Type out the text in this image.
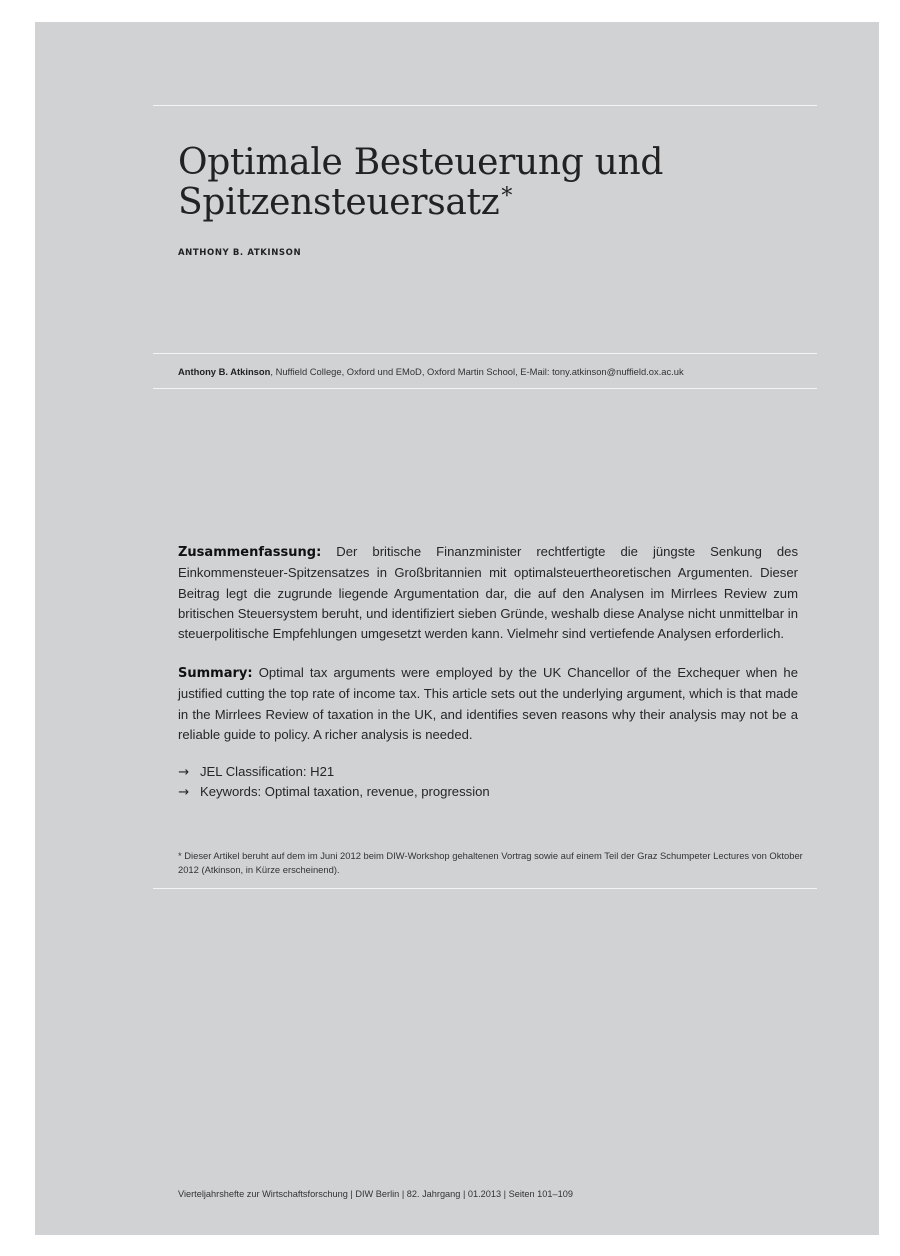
Optimale Besteuerung und
Spitzensteuersatz*
ANTHONY B. ATKINSON
Anthony B. Atkinson, Nuffield College, Oxford und EMoD, Oxford Martin School, E-Mail: tony.atkinson@nuffield.ox.ac.uk

Zusammenfassung: Der britische Finanzminister rechtfertigte die jüngste Senkung des Einkommensteuer-Spitzensatzes in Großbritannien mit optimalsteuertheoretischen Argumenten. Dieser Beitrag legt die zugrunde liegende Argumentation dar, die auf den Analysen im Mirrlees Review zum britischen Steuersystem beruht, und identifiziert sieben Gründe, weshalb diese Analyse nicht unmittelbar in steuerpolitische Empfehlungen umgesetzt werden kann. Vielmehr sind vertiefende Analysen erforderlich.

Summary: Optimal tax arguments were employed by the UK Chancellor of the Exchequer when he justified cutting the top rate of income tax. This article sets out the underlying argument, which is that made in the Mirrlees Review of taxation in the UK, and identifies seven reasons why their analysis may not be a reliable guide to policy. A richer analysis is needed.

→ JEL Classification: H21
→ Keywords: Optimal taxation, revenue, progression

* Dieser Artikel beruht auf dem im Juni 2012 beim DIW-Workshop gehaltenen Vortrag sowie auf einem Teil der Graz Schumpeter Lectures von Oktober 2012 (Atkinson, in Kürze erscheinend).

Vierteljahrshefte zur Wirtschaftsforschung | DIW Berlin | 82. Jahrgang | 01.2013 | Seiten 101–109
